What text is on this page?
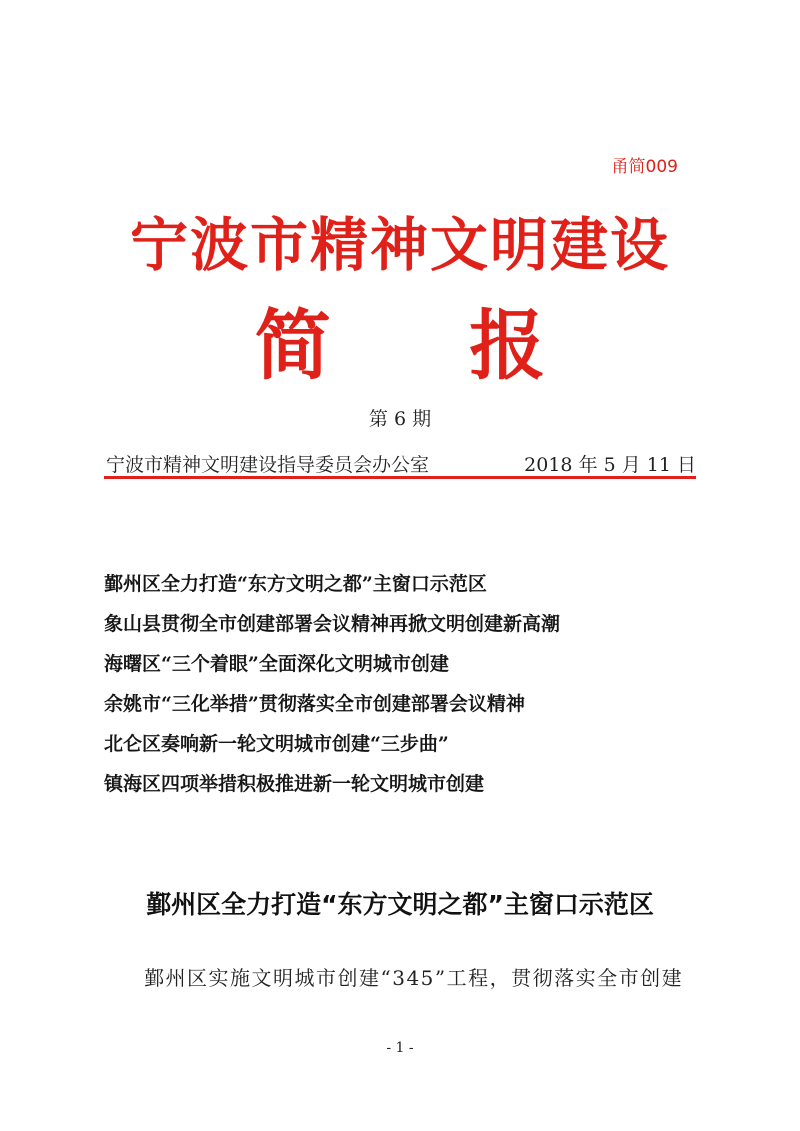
甬简009
宁波市精神文明建设
简 报
第 6 期
宁波市精神文明建设指导委员会办公室	2018 年 5 月 11 日
鄞州区全力打造“东方文明之都”主窗口示范区
象山县贯彻全市创建部署会议精神再掀文明创建新高潮
海曙区“三个着眼”全面深化文明城市创建
余姚市“三化举措”贯彻落实全市创建部署会议精神
北仑区奏响新一轮文明城市创建“三步曲”
镇海区四项举措积极推进新一轮文明城市创建
鄞州区全力打造“东方文明之都”主窗口示范区
鄞州区实施文明城市创建“345”工程，贯彻落实全市创建
- 1 -
